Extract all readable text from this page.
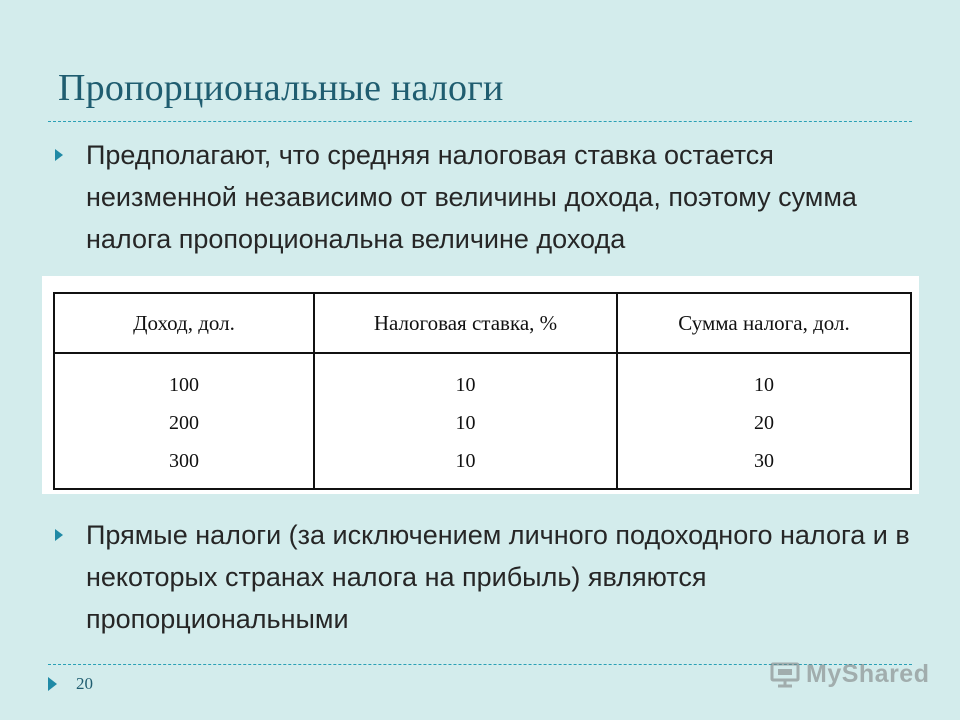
Пропорциональные налоги

Предполагают, что средняя налоговая ставка остается неизменной независимо от величины дохода, поэтому сумма налога пропорциональна величине дохода

Доход, дол.	Налоговая ставка, %	Сумма налога, дол.
100	10	10
200	10	20
300	10	30

Прямые налоги (за исключением личного подоходного налога и в некоторых странах налога на прибыль) являются пропорциональными

20	MyShared
